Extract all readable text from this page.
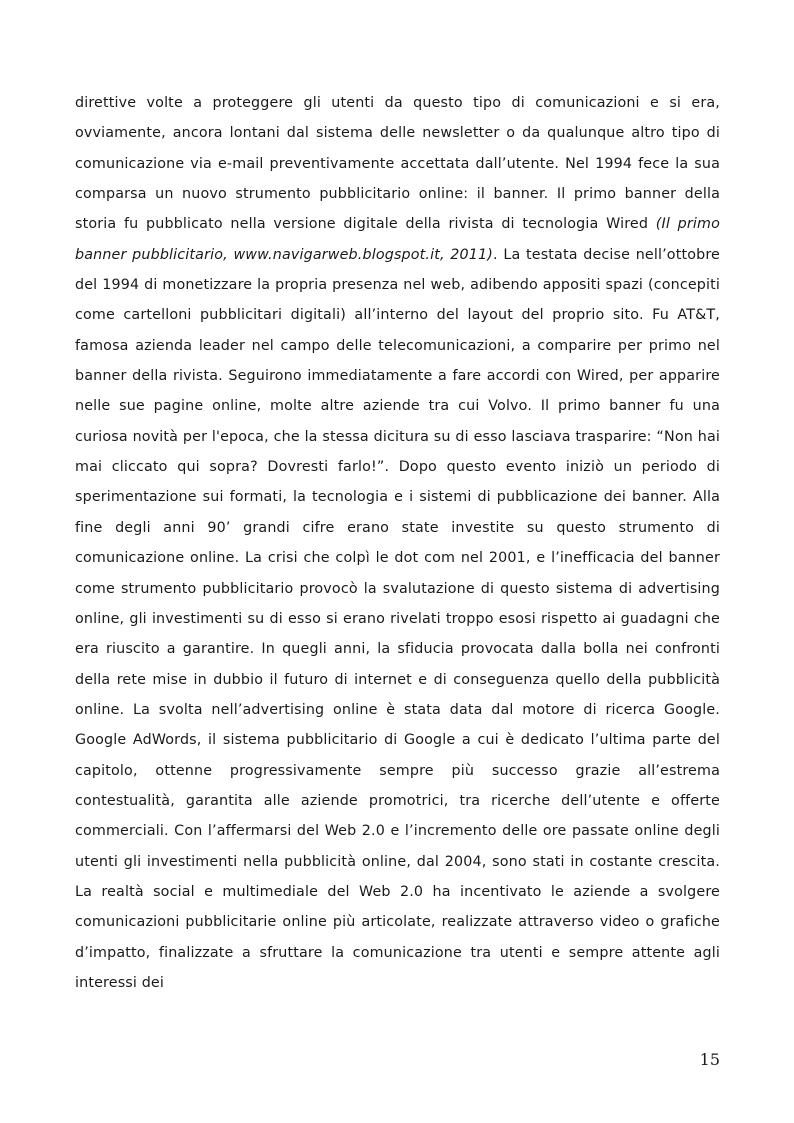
direttive volte a proteggere gli utenti da questo tipo di comunicazioni e si era, ovviamente, ancora lontani dal sistema delle newsletter o da qualunque altro tipo di comunicazione via e-mail preventivamente accettata dall’utente. Nel 1994 fece la sua comparsa un nuovo strumento pubblicitario online: il banner. Il primo banner della storia fu pubblicato nella versione digitale della rivista di tecnologia Wired (Il primo banner pubblicitario, www.navigarweb.blogspot.it, 2011). La testata decise nell’ottobre del 1994 di monetizzare la propria presenza nel web, adibendo appositi spazi (concepiti come cartelloni pubblicitari digitali) all’interno del layout del proprio sito. Fu AT&T, famosa azienda leader nel campo delle telecomunicazioni, a comparire per primo nel banner della rivista. Seguirono immediatamente a fare accordi con Wired, per apparire nelle sue pagine online, molte altre aziende tra cui Volvo. Il primo banner fu una curiosa novità per l'epoca, che la stessa dicitura su di esso lasciava trasparire: “Non hai mai cliccato qui sopra? Dovresti farlo!”. Dopo questo evento iniziò un periodo di sperimentazione sui formati, la tecnologia e i sistemi di pubblicazione dei banner. Alla fine degli anni 90’ grandi cifre erano state investite su questo strumento di comunicazione online. La crisi che colpì le dot com nel 2001, e l’inefficacia del banner come strumento pubblicitario provocò la svalutazione di questo sistema di advertising online, gli investimenti su di esso si erano rivelati troppo esosi rispetto ai guadagni che era riuscito a garantire. In quegli anni, la sfiducia provocata dalla bolla nei confronti della rete mise in dubbio il futuro di internet e di conseguenza quello della pubblicità online. La svolta nell’advertising online è stata data dal motore di ricerca Google. Google AdWords, il sistema pubblicitario di Google a cui è dedicato l’ultima parte del capitolo, ottenne progressivamente sempre più successo grazie all’estrema contestualità, garantita alle aziende promotrici, tra ricerche dell’utente e offerte commerciali. Con l’affermarsi del Web 2.0 e l’incremento delle ore passate online degli utenti gli investimenti nella pubblicità online, dal 2004, sono stati in costante crescita. La realtà social e multimediale del Web 2.0 ha incentivato le aziende a svolgere comunicazioni pubblicitarie online più articolate, realizzate attraverso video o grafiche d’impatto, finalizzate a sfruttare la comunicazione tra utenti e sempre attente agli interessi dei

15
